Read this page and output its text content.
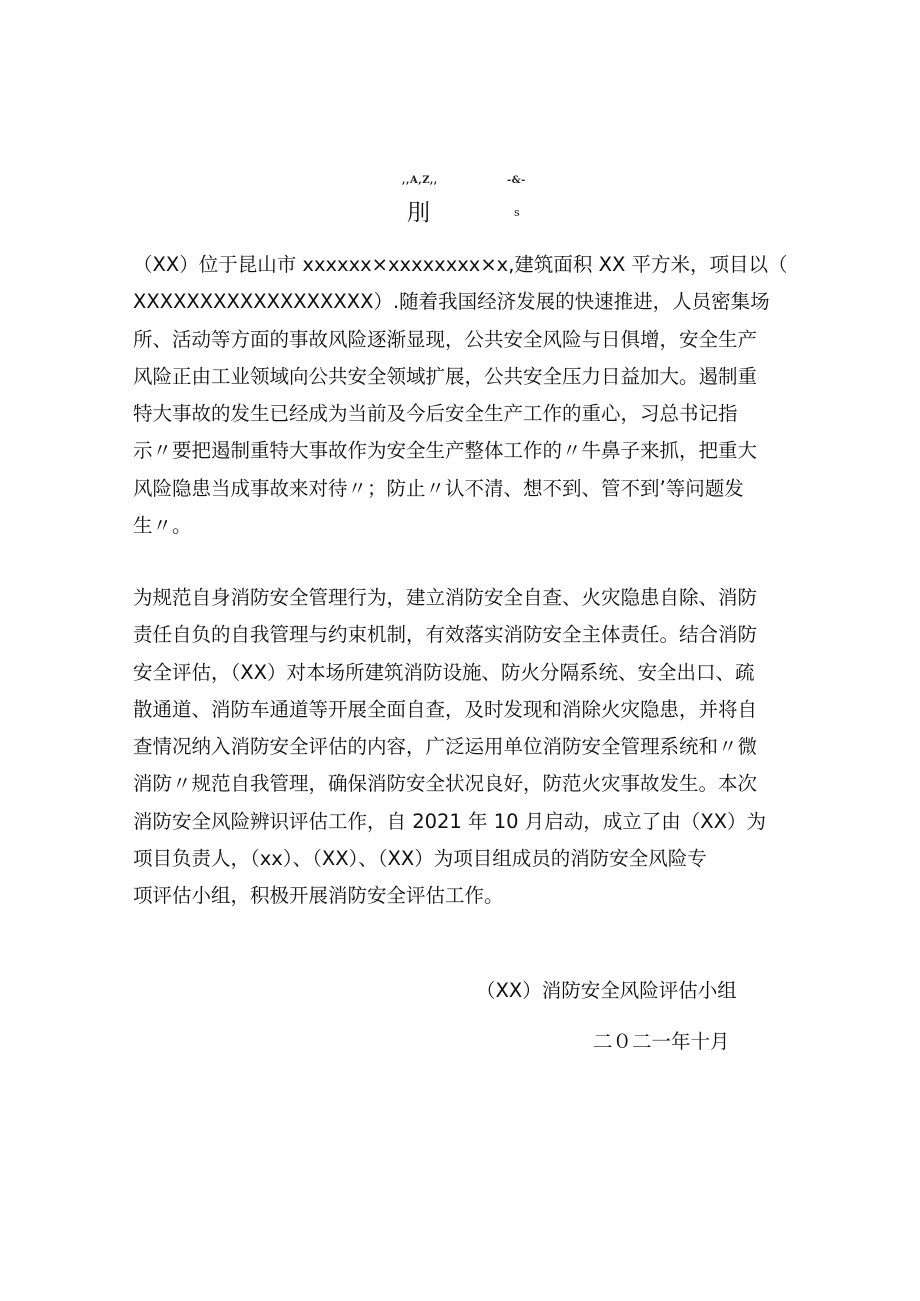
,,A,Z,,	-&-
刖	s
（XX）位于昆山市 xxxxxx×xxxxxxxx×x,建筑面积 XX 平方米，项目以（
XXXXXXXXXXXXXXXXXX）.随着我国经济发展的快速推进，人员密集场
所、活动等方面的事故风险逐渐显现，公共安全风险与日俱增，安全生产
风险正由工业领域向公共安全领域扩展，公共安全压力日益加大。遏制重
特大事故的发生已经成为当前及今后安全生产工作的重心，习总书记指
示〃要把遏制重特大事故作为安全生产整体工作的〃牛鼻子来抓，把重大
风险隐患当成事故来对待〃；防止〃认不清、想不到、管不到’等问题发
生〃。
为规范自身消防安全管理行为，建立消防安全自查、火灾隐患自除、消防
责任自负的自我管理与约束机制，有效落实消防安全主体责任。结合消防
安全评估，（XX）对本场所建筑消防设施、防火分隔系统、安全出口、疏
散通道、消防车通道等开展全面自查，及时发现和消除火灾隐患，并将自
查情况纳入消防安全评估的内容，广泛运用单位消防安全管理系统和〃微
消防〃规范自我管理，确保消防安全状况良好，防范火灾事故发生。本次
消防安全风险辨识评估工作，自 2021 年 10 月启动，成立了由（XX）为
项目负责人，（xx）、（XX）、（XX）为项目组成员的消防安全风险专
项评估小组，积极开展消防安全评估工作。
（XX）消防安全风险评估小组
二０二一年十月
